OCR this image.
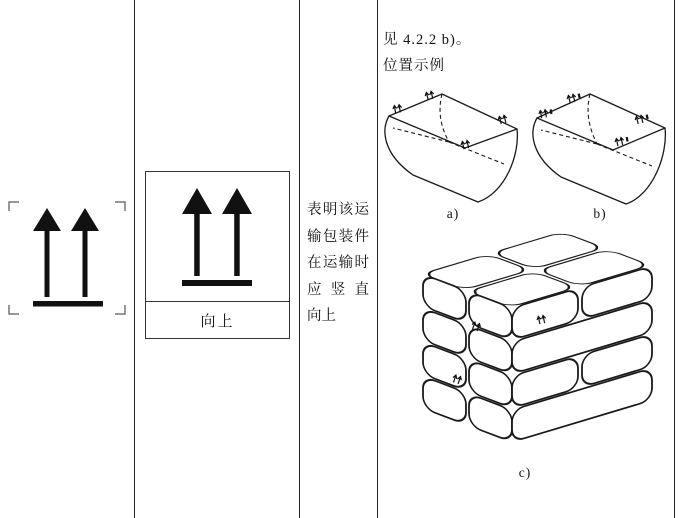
向上
表明该运
输包装件
在运输时
应竖直
向上
见 4.2.2 b)。
位置示例
a)	b)
c)
